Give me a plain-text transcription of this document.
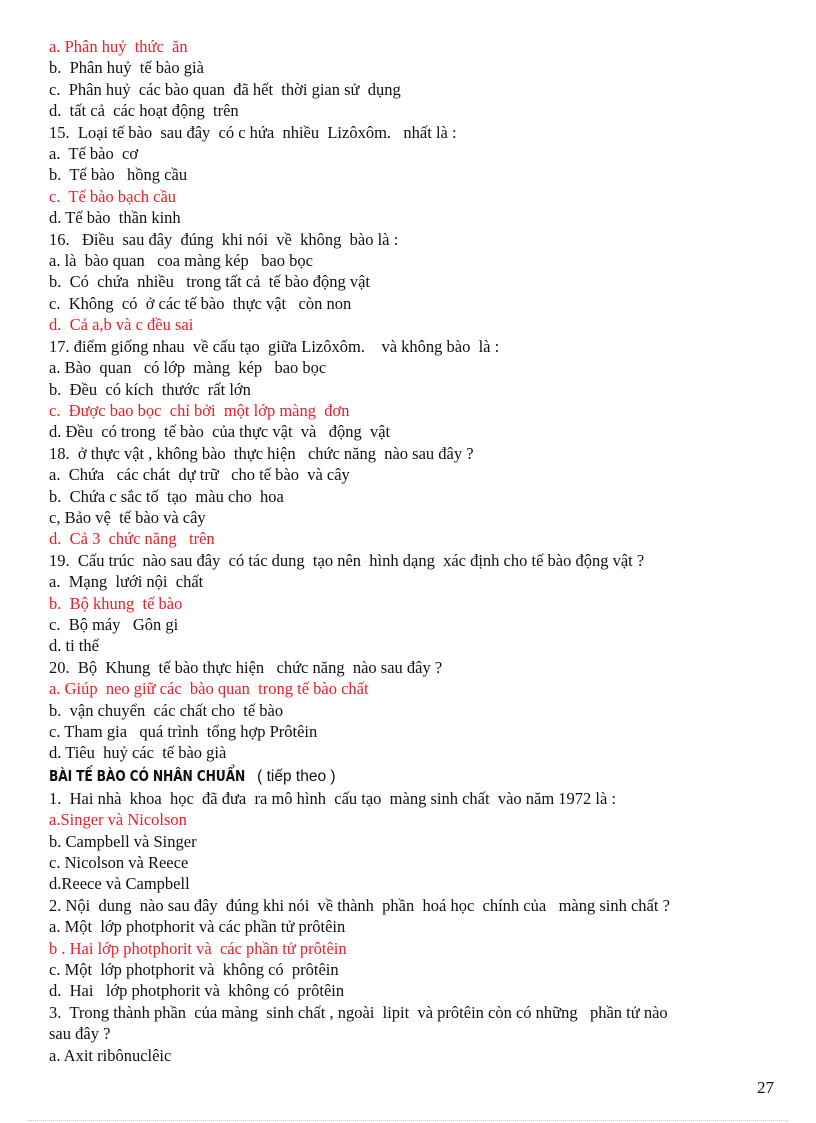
a. Phân huỷ  thức  ăn
b.  Phân huỷ  tế bào già
c.  Phân huỷ  các bào quan  đã hết  thời gian sử  dụng
d.  tất cả  các hoạt động  trên
15.  Loại tế bào  sau đây  có c hứa  nhiều  Lizôxôm.   nhất là :
a.  Tế bào  cơ
b.  Tế bào   hồng cầu
c.  Tế bào bạch cầu
d. Tế bào  thần kinh
16.   Điều  sau đây  đúng  khi nói  về  không  bào là :
a. là  bào quan   coa màng kép   bao bọc
b.  Có  chứa  nhiều   trong tất cả  tế bào động vật
c.  Không  có  ở các tế bào  thực vật   còn non
d.  Cả a,b và c đều sai
17. điểm giống nhau  về cấu tạo  giữa Lizôxôm.    và không bào  là :
a. Bào  quan   có lớp  màng  kép   bao bọc
b.  Đều  có kích  thước  rất lớn
c.  Được bao bọc  chỉ bởi  một lớp màng  đơn
d. Đều  có trong  tế bào  của thực vật  và   động  vật
18.  ở thực vật , không bào  thực hiện   chức năng  nào sau đây ?
a.  Chứa   các chát  dự trữ   cho tế bào  và cây
b.  Chứa c sắc tố  tạo  màu cho  hoa
c, Bảo vệ  tế bào và cây
d.  Cả 3  chức năng   trên
19.  Cấu trúc  nào sau đây  có tác dung  tạo nên  hình dạng  xác định cho tế bào động vật ?
a.  Mạng  lưới nội  chất
b.  Bộ khung  tế bào
c.  Bộ máy   Gôn gi
d. ti thể
20.  Bộ  Khung  tế bào thực hiện   chức năng  nào sau đây ?
a. Giúp  neo giữ các  bào quan  trong tế bào chất
b.  vận chuyển  các chất cho  tế bào
c. Tham gia   quá trình  tổng hợp Prôtêin
d. Tiêu  huỷ các  tế bào già
BÀI TẾ BÀO CÓ NHÂN CHUẨN ( tiếp theo )
1.  Hai nhà  khoa  học  đã đưa  ra mô hình  cấu tạo  màng sinh chất  vào năm 1972 là :
a.Singer và Nicolson
b. Campbell và Singer
c. Nicolson và Reece
d.Reece và Campbell
2. Nội  dung  nào sau đây  đúng khi nói  về thành  phần  hoá học  chính của   màng sinh chất ?
a. Một  lớp photphorit và các phần tử prôtêin
b . Hai lớp photphorit và  các phần tử prôtêin
c. Một  lớp photphorit và  không có  prôtêin
d.  Hai   lớp photphorit và  không có  prôtêin
3.  Trong thành phần  của màng  sinh chất , ngoài  lipit  và prôtêin còn có những   phần tử nào
sau đây ?
a. Axit ribônuclêic
27
